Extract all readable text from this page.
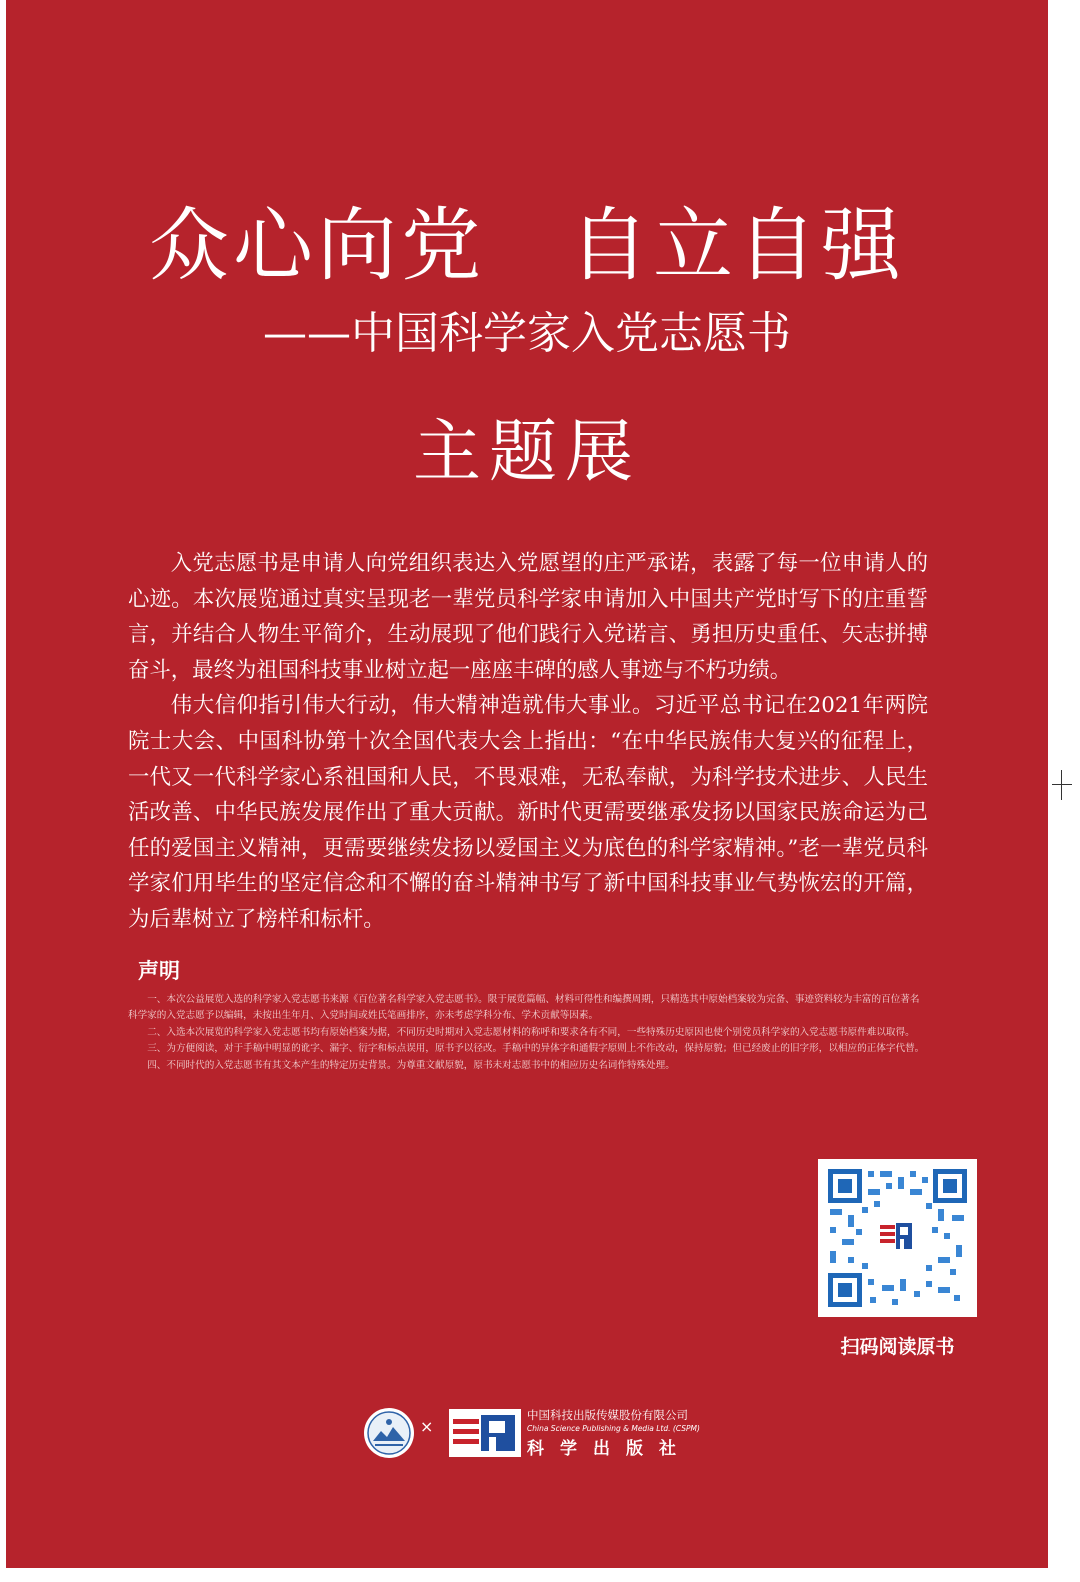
众心向党　自立自强
——中国科学家入党志愿书
主题展

入党志愿书是申请人向党组织表达入党愿望的庄严承诺，表露了每一位申请人的心迹。本次展览通过真实呈现老一辈党员科学家申请加入中国共产党时写下的庄重誓言，并结合人物生平简介，生动展现了他们践行入党诺言、勇担历史重任、矢志拼搏奋斗，最终为祖国科技事业树立起一座座丰碑的感人事迹与不朽功绩。

伟大信仰指引伟大行动，伟大精神造就伟大事业。习近平总书记在2021年两院院士大会、中国科协第十次全国代表大会上指出：“在中华民族伟大复兴的征程上，一代又一代科学家心系祖国和人民，不畏艰难，无私奉献，为科学技术进步、人民生活改善、中华民族发展作出了重大贡献。新时代更需要继承发扬以国家民族命运为己任的爱国主义精神，更需要继续发扬以爱国主义为底色的科学家精神。”老一辈党员科学家们用毕生的坚定信念和不懈的奋斗精神书写了新中国科技事业气势恢宏的开篇，为后辈树立了榜样和标杆。

声明

一、本次公益展览入选的科学家入党志愿书来源《百位著名科学家入党志愿书》。限于展览篇幅、材料可得性和编撰周期，只精选其中原始档案较为完备、事迹资料较为丰富的百位著名科学家的入党志愿予以编辑，未按出生年月、入党时间或姓氏笔画排序，亦未考虑学科分布、学术贡献等因素。

二、入选本次展览的科学家入党志愿书均有原始档案为据，不同历史时期对入党志愿材料的称呼和要求各有不同，一些特殊历史原因也使个别党员科学家的入党志愿书原件难以取得。

三、为方便阅读，对于手稿中明显的讹字、漏字、衍字和标点误用，原书予以径改。手稿中的异体字和通假字原则上不作改动，保持原貌；但已经废止的旧字形，以相应的正体字代替。

四、不同时代的入党志愿书有其文本产生的特定历史背景。为尊重文献原貌，原书未对志愿书中的相应历史名词作特殊处理。

扫码阅读原书
×
中国科技出版传媒股份有限公司
China Science Publishing & Media Ltd. (CSPM)
科学出版社
